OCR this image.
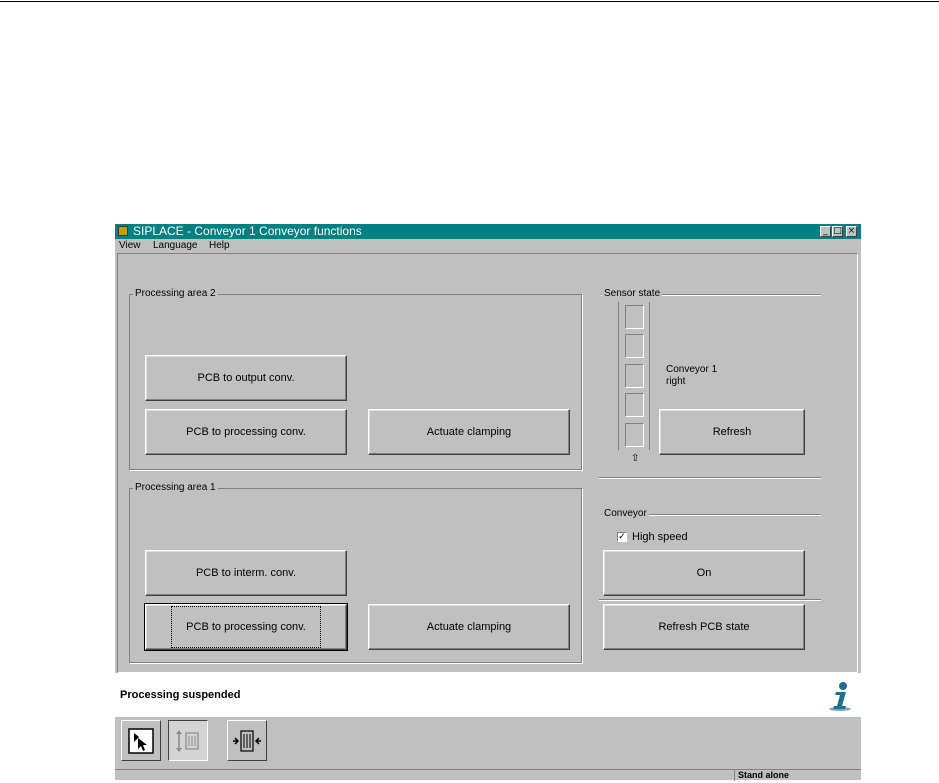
SIPLACE - Conveyor 1 Conveyor functions	_ □ ×
View Language Help
Processing area 2
PCB to output conv.
PCB to processing conv.	Actuate clamping
Processing area 1
PCB to interm. conv.
PCB to processing conv.	Actuate clamping
Sensor state
⇧
Conveyor 1
right
Refresh
Conveyor
✓ High speed
On
Refresh PCB state
Processing suspended
Stand alone
